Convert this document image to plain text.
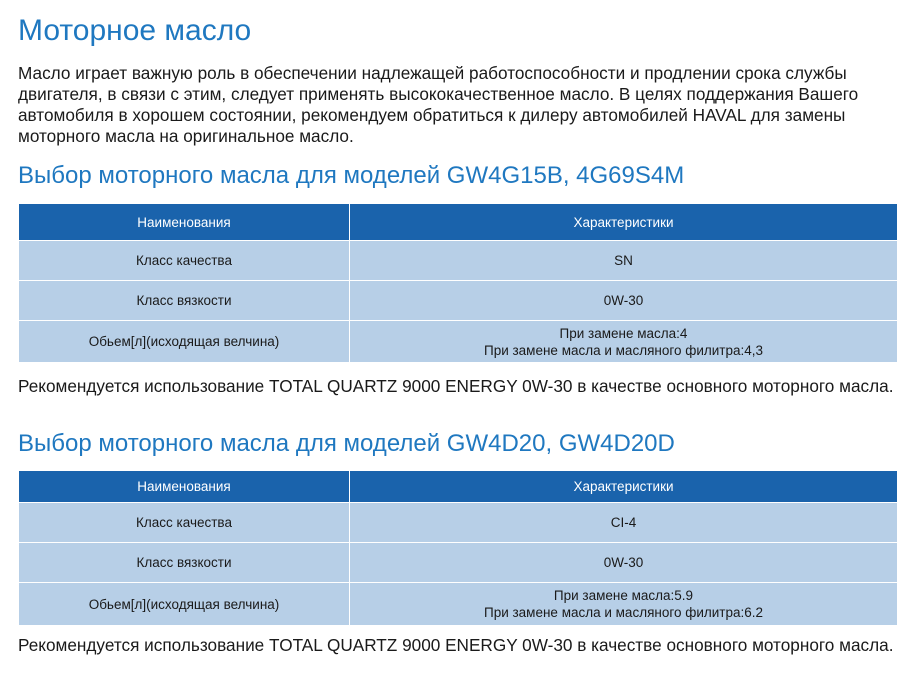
Моторное масло

Масло играет важную роль в обеспечении надлежащей работоспособности и продлении срока службы двигателя, в связи с этим, следует применять высококачественное масло. В целях поддержания Вашего автомобиля в хорошем состоянии, рекомендуем обратиться к дилеру автомобилей HAVAL для замены моторного масла на оригинальное масло.

Выбор моторного масла для моделей GW4G15B, 4G69S4M
Наименования	Характеристики
Класс качества	SN
Класс вязкости	0W-30
Обьем[л](исходящая велчина)	При замене масла:4
При замене масла и масляного филитра:4,3

Рекомендуется использование TOTAL QUARTZ 9000 ENERGY 0W-30 в качестве основного моторного масла.

Выбор моторного масла для моделей GW4D20, GW4D20D
Наименования	Характеристики
Класс качества	CI-4
Класс вязкости	0W-30
Обьем[л](исходящая велчина)	При замене масла:5.9
При замене масла и масляного филитра:6.2

Рекомендуется использование TOTAL QUARTZ 9000 ENERGY 0W-30 в качестве основного моторного масла.
